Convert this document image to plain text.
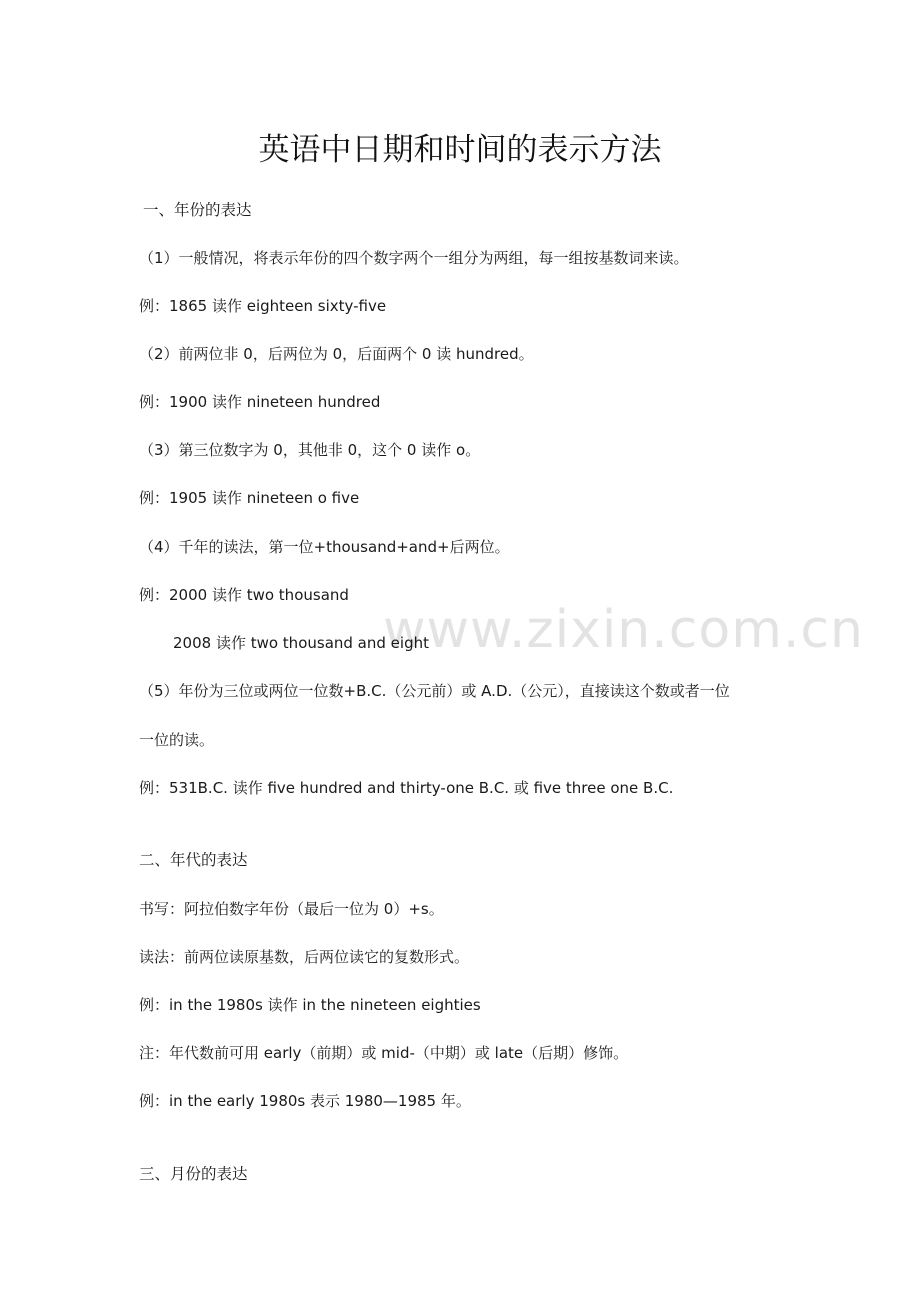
英语中日期和时间的表示方法
www.zixin.com.cn

一、年份的表达

（1）一般情况，将表示年份的四个数字两个一组分为两组，每一组按基数词来读。

例：1865 读作 eighteen sixty-five

（2）前两位非 0，后两位为 0，后面两个 0 读 hundred。

例：1900 读作 nineteen hundred

（3）第三位数字为 0，其他非 0，这个 0 读作 o。

例：1905 读作 nineteen o five

（4）千年的读法，第一位+thousand+and+后两位。

例：2000 读作 two thousand

2008 读作 two thousand and eight

（5）年份为三位或两位一位数+B.C.（公元前）或 A.D.（公元），直接读这个数或者一位

一位的读。

例：531B.C. 读作 five hundred and thirty-one B.C. 或 five three one B.C.

二、年代的表达

书写：阿拉伯数字年份（最后一位为 0）+s。

读法：前两位读原基数，后两位读它的复数形式。

例：in the 1980s 读作 in the nineteen eighties

注：年代数前可用 early（前期）或 mid-（中期）或 late（后期）修饰。

例：in the early 1980s 表示 1980—1985 年。

三、月份的表达
